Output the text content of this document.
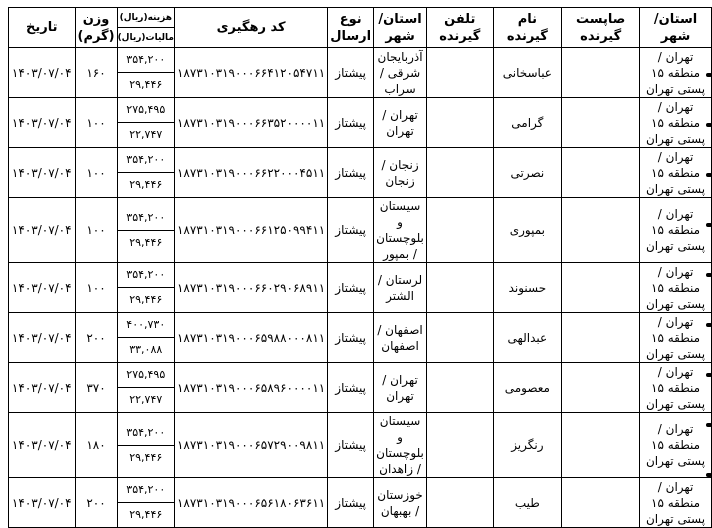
استان/ شهر	صاپست گیرنده	نام گیرنده	تلفن گیرنده	استان/ شهر	نوع ارسال	کد رهگیری	هزینه(ریال)
مالیات(ریال)	وزن (گرم)	تاریخ
تهران / منطقه ۱۵ پستی تهران		عباسخانی		آذربایجان شرقی / سراب	پیشتاز	۱۸۷۳۱۰۳۱۹۰۰۰۶۶۴۱۲۰۵۴۷۱۱	۳۵۴,۲۰۰
۲۹,۴۴۶	۱۶۰	۱۴۰۳/۰۷/۰۴
تهران / منطقه ۱۵ پستی تهران		گرامی		تهران / تهران	پیشتاز	۱۸۷۳۱۰۳۱۹۰۰۰۶۶۳۵۲۰۰۰۰۱۱	۲۷۵,۴۹۵
۲۲,۷۴۷	۱۰۰	۱۴۰۳/۰۷/۰۴
تهران / منطقه ۱۵ پستی تهران		نصرتی		زنجان / زنجان	پیشتاز	۱۸۷۳۱۰۳۱۹۰۰۰۶۶۲۲۰۰۰۴۵۱۱	۳۵۴,۲۰۰
۲۹,۴۴۶	۱۰۰	۱۴۰۳/۰۷/۰۴
تهران / منطقه ۱۵ پستی تهران		بمپوری		سیستان و بلوچستان / بمپور	پیشتاز	۱۸۷۳۱۰۳۱۹۰۰۰۶۶۱۲۵۰۹۹۴۱۱	۳۵۴,۲۰۰
۲۹,۴۴۶	۱۰۰	۱۴۰۳/۰۷/۰۴
تهران / منطقه ۱۵ پستی تهران		حسنوند		لرستان / الشتر	پیشتاز	۱۸۷۳۱۰۳۱۹۰۰۰۶۶۰۲۹۰۶۸۹۱۱	۳۵۴,۲۰۰
۲۹,۴۴۶	۱۰۰	۱۴۰۳/۰۷/۰۴
تهران / منطقه ۱۵ پستی تهران		عبدالهی		اصفهان / اصفهان	پیشتاز	۱۸۷۳۱۰۳۱۹۰۰۰۶۵۹۸۸۰۰۰۸۱۱	۴۰۰,۷۳۰
۳۳,۰۸۸	۲۰۰	۱۴۰۳/۰۷/۰۴
تهران / منطقه ۱۵ پستی تهران		معصومی		تهران / تهران	پیشتاز	۱۸۷۳۱۰۳۱۹۰۰۰۶۵۸۹۶۰۰۰۰۱۱	۲۷۵,۴۹۵
۲۲,۷۴۷	۳۷۰	۱۴۰۳/۰۷/۰۴
تهران / منطقه ۱۵ پستی تهران		رنگریز		سیستان و بلوچستان / زاهدان	پیشتاز	۱۸۷۳۱۰۳۱۹۰۰۰۶۵۷۲۹۰۰۹۸۱۱	۳۵۴,۲۰۰
۲۹,۴۴۶	۱۸۰	۱۴۰۳/۰۷/۰۴
تهران / منطقه ۱۵ پستی تهران		طیب		خوزستان / بهبهان	پیشتاز	۱۸۷۳۱۰۳۱۹۰۰۰۶۵۶۱۸۰۶۳۶۱۱	۳۵۴,۲۰۰
۲۹,۴۴۶	۲۰۰	۱۴۰۳/۰۷/۰۴
